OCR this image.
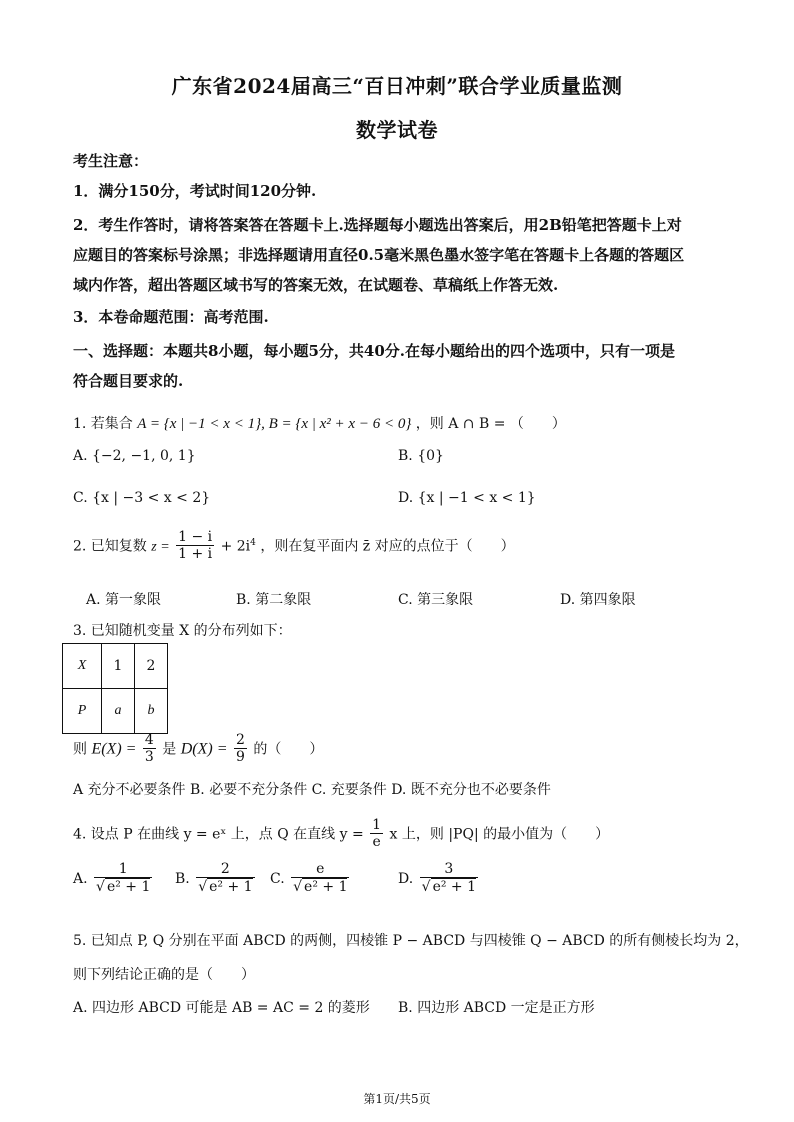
广东省2024届高三“百日冲刺”联合学业质量监测
数学试卷
考生注意：
1．满分150分，考试时间120分钟.
2．考生作答时，请将答案答在答题卡上.选择题每小题选出答案后，用2B铅笔把答题卡上对
应题目的答案标号涂黑；非选择题请用直径0.5毫米黑色墨水签字笔在答题卡上各题的答题区
域内作答，超出答题区域书写的答案无效，在试题卷、草稿纸上作答无效.
3．本卷命题范围：高考范围.
一、选择题：本题共8小题，每小题5分，共40分.在每小题给出的四个选项中，只有一项是
符合题目要求的.
1. 若集合 A = {x | −1 < x < 1}, B = {x | x² + x − 6 < 0} ，则 A ∩ B = （　　）
A. {−2, −1, 0, 1}	B. {0}
C. {x | −3 < x < 2}	D. {x | −1 < x < 1}
2. 已知复数 $z = \frac{1 - i}{1 + i} + 2i^4$ ，则在复平面内 z̄ 对应的点位于（　　）
A. 第一象限	B. 第二象限	C. 第三象限	D. 第四象限
3. 已知随机变量 X 的分布列如下：
X	1	2
P	a	b
则 $E(X) = \frac{4}{3}$ 是 $D(X) = \frac{2}{9}$ 的（　　）
A 充分不必要条件 B. 必要不充分条件 C. 充要条件 D. 既不充分也不必要条件
4. 设点 P 在曲线 y = eˣ 上，点 Q 在直线 $y = \frac{1}{e}$ x 上，则 |PQ| 的最小值为（　　）
A. $\frac{1}{\text{√ e² + 1}} B$. $\frac{2}{\text{√ e² + 1}} C$. $\frac{e}{\text{√ e² + 1}}$	D. $\frac{3}{\text{√ e² + 1}}$
5. 已知点 P, Q 分别在平面 ABCD 的两侧，四棱锥 P − ABCD 与四棱锥 Q − ABCD 的所有侧棱长均为 2，
则下列结论正确的是（　　）
A. 四边形 ABCD 可能是 AB = AC = 2 的菱形 B. 四边形 ABCD 一定是正方形
第1页/共5页
